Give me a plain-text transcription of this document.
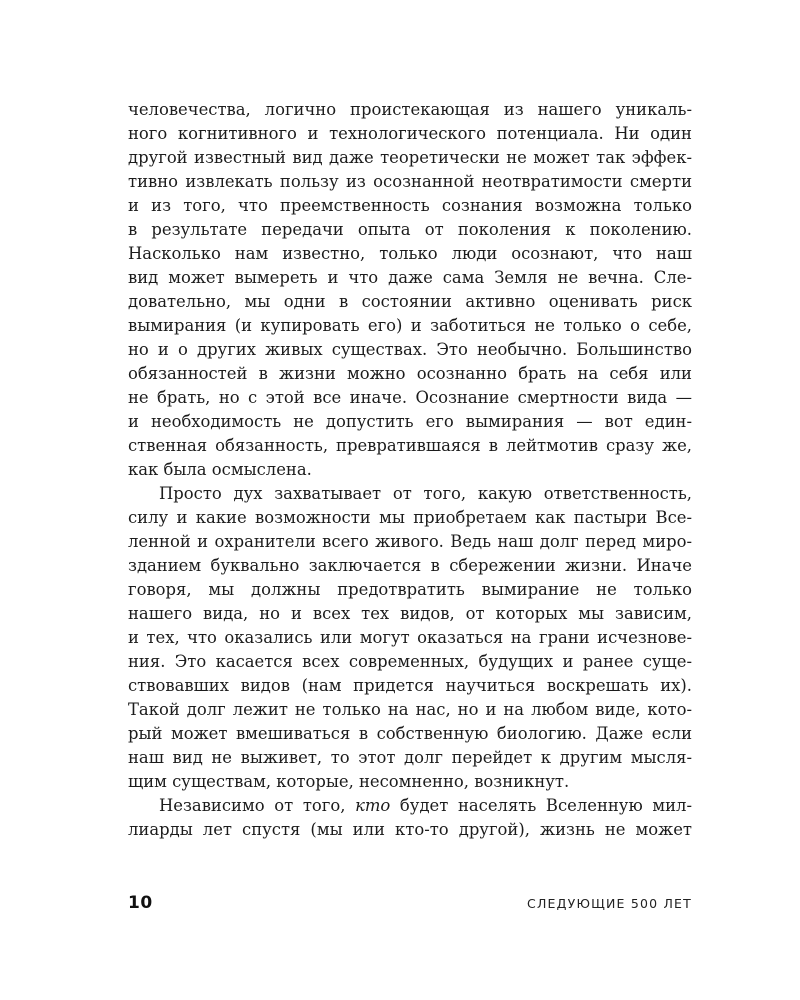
человечества, логично проистекающая из нашего уникаль-
ного когнитивного и технологического потенциала. Ни один
другой известный вид даже теоретически не может так эффек-
тивно извлекать пользу из осознанной неотвратимости смерти
и из того, что преемственность сознания возможна только
в результате передачи опыта от поколения к поколению.
Насколько нам известно, только люди осознают, что наш
вид может вымереть и что даже сама Земля не вечна. Сле-
довательно, мы одни в состоянии активно оценивать риск
вымирания (и купировать его) и заботиться не только о себе,
но и о других живых существах. Это необычно. Большинство
обязанностей в жизни можно осознанно брать на себя или
не брать, но с этой все иначе. Осознание смертности вида —
и необходимость не допустить его вымирания — вот един-
ственная обязанность, превратившаяся в лейтмотив сразу же,
как была осмыслена.
Просто дух захватывает от того, какую ответственность,
силу и какие возможности мы приобретаем как пастыри Все-
ленной и охранители всего живого. Ведь наш долг перед миро-
зданием буквально заключается в сбережении жизни. Иначе
говоря, мы должны предотвратить вымирание не только
нашего вида, но и всех тех видов, от которых мы зависим,
и тех, что оказались или могут оказаться на грани исчезнове-
ния. Это касается всех современных, будущих и ранее суще-
ствовавших видов (нам придется научиться воскрешать их).
Такой долг лежит не только на нас, но и на любом виде, кото-
рый может вмешиваться в собственную биологию. Даже если
наш вид не выживет, то этот долг перейдет к другим мысля-
щим существам, которые, несомненно, возникнут.
Независимо от того, кто будет населять Вселенную мил-
лиарды лет спустя (мы или кто-то другой), жизнь не может
10	СЛЕДУЮЩИЕ 500 ЛЕТ
